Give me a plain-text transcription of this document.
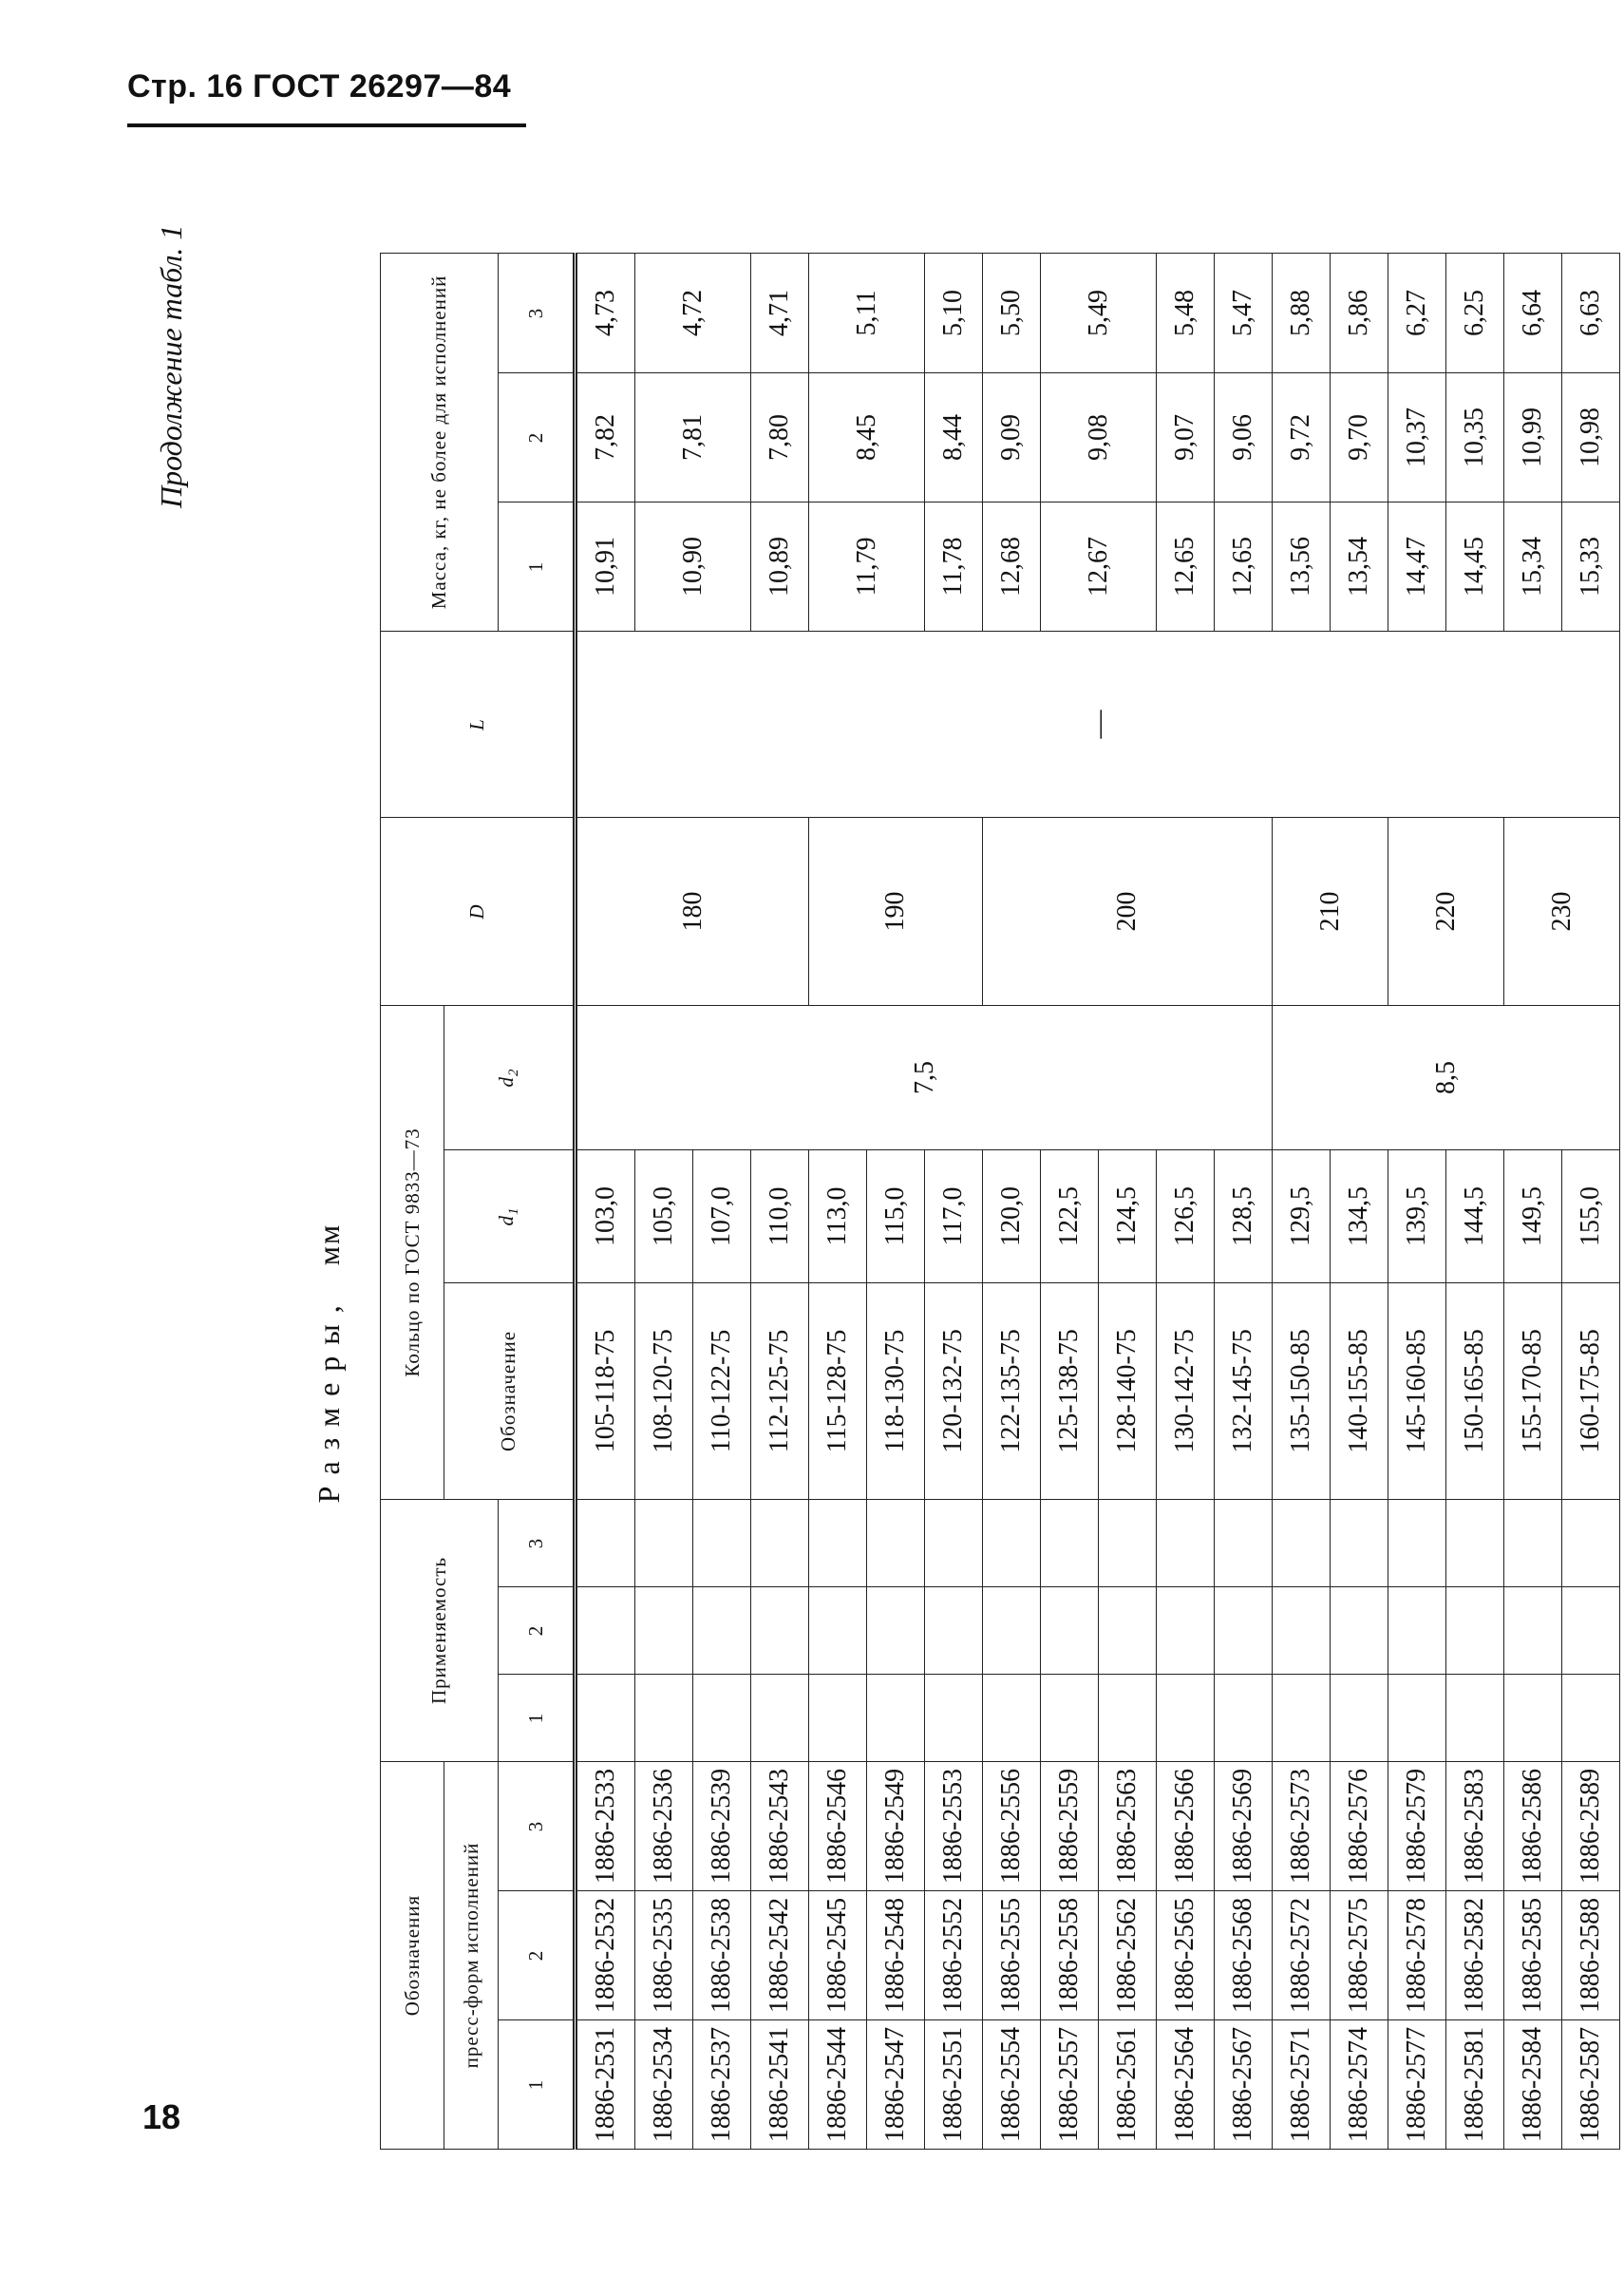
Стр. 16 ГОСТ 26297—84
Продолжение табл. 1
Размеры,мм
Обозначения			Применяемость			Кольцо по ГОСТ 9833—73			D	L	Масса, кг, не более для исполнений		
пресс-форм исполнений						Обозначение	$d_1$	$d_2$
1	2	3	1	2	3						1	2	3
1886-2531	1886-2532	1886-2533				105-118-75	103,0	7,5	180	—	10,91	7,82	4,73
1886-2534	1886-2535	1886-2536				108-120-75	105,0				10,90	7,81	4,72
1886-2537	1886-2538	1886-2539				110-122-75	107,0						
1886-2541	1886-2542	1886-2543				112-125-75	110,0				10,89	7,80	4,71
1886-2544	1886-2545	1886-2546				115-128-75	113,0		190		11,79	8,45	5,11
1886-2547	1886-2548	1886-2549				118-130-75	115,0						
1886-2551	1886-2552	1886-2553				120-132-75	117,0				11,78	8,44	5,10
1886-2554	1886-2555	1886-2556				122-135-75	120,0		200		12,68	9,09	5,50
1886-2557	1886-2558	1886-2559				125-138-75	122,5				12,67	9,08	5,49
1886-2561	1886-2562	1886-2563				128-140-75	124,5						
1886-2564	1886-2565	1886-2566				130-142-75	126,5				12,65	9,07	5,48
1886-2567	1886-2568	1886-2569				132-145-75	128,5				12,65	9,06	5,47
1886-2571	1886-2572	1886-2573				135-150-85	129,5	8,5	210		13,56	9,72	5,88
1886-2574	1886-2575	1886-2576				140-155-85	134,5				13,54	9,70	5,86
1886-2577	1886-2578	1886-2579				145-160-85	139,5		220		14,47	10,37	6,27
1886-2581	1886-2582	1886-2583				150-165-85	144,5				14,45	10,35	6,25
1886-2584	1886-2585	1886-2586				155-170-85	149,5		230		15,34	10,99	6,64
1886-2587	1886-2588	1886-2589				160-175-85	155,0				15,33	10,98	6,63
18
